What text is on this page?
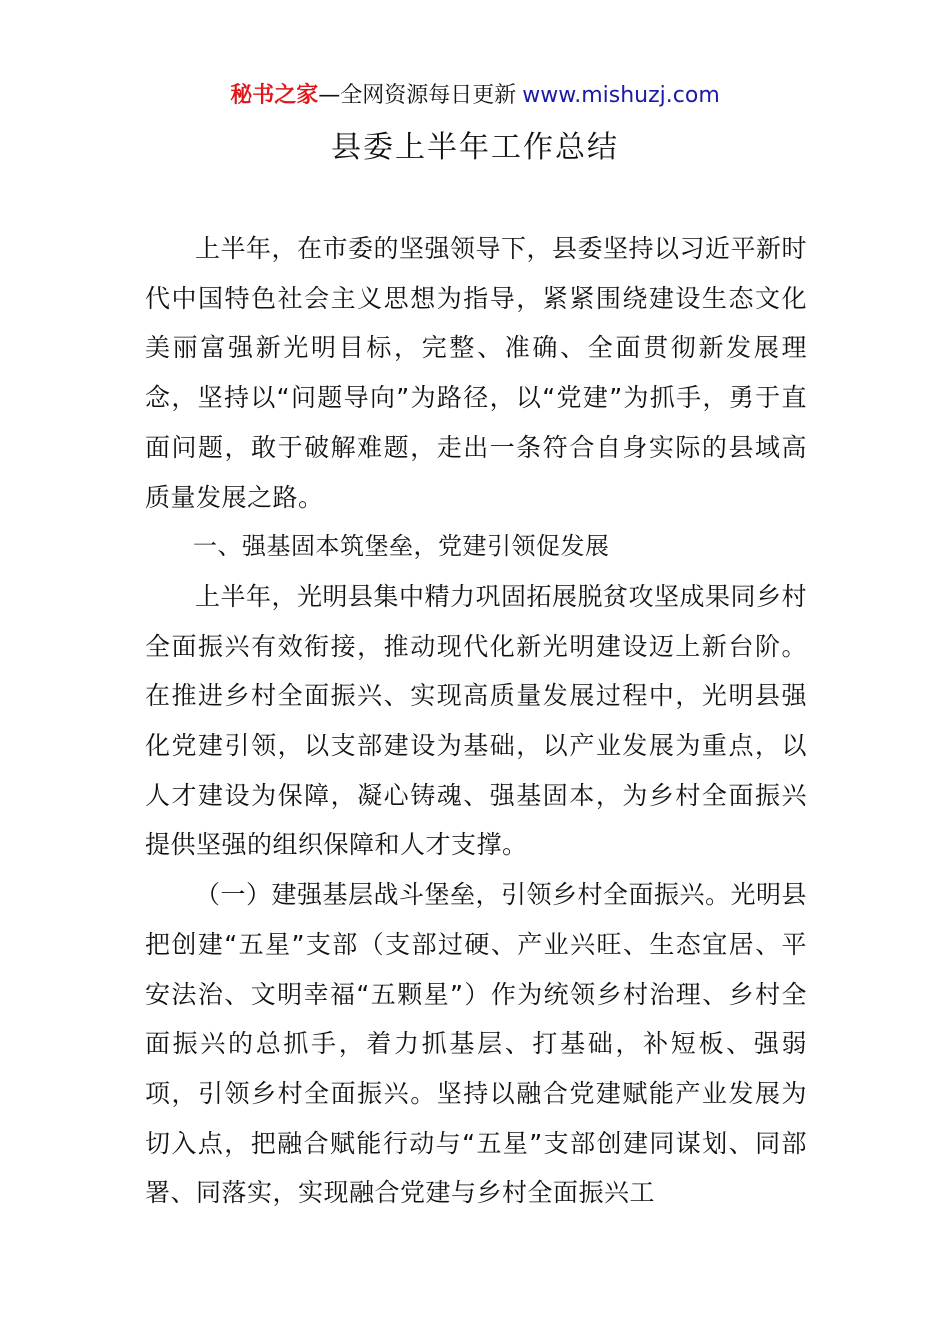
秘书之家—全网资源每日更新 www.mishuzj.com
县委上半年工作总结

上半年，在市委的坚强领导下，县委坚持以习近平新时代中国特色社会主义思想为指导，紧紧围绕建设生态文化美丽富强新光明目标，完整、准确、全面贯彻新发展理念，坚持以“问题导向”为路径，以“党建”为抓手，勇于直面问题，敢于破解难题，走出一条符合自身实际的县域高质量发展之路。

一、强基固本筑堡垒，党建引领促发展

上半年，光明县集中精力巩固拓展脱贫攻坚成果同乡村全面振兴有效衔接，推动现代化新光明建设迈上新台阶。在推进乡村全面振兴、实现高质量发展过程中，光明县强化党建引领，以支部建设为基础，以产业发展为重点，以人才建设为保障，凝心铸魂、强基固本，为乡村全面振兴提供坚强的组织保障和人才支撑。

（一）建强基层战斗堡垒，引领乡村全面振兴。光明县把创建“五星”支部（支部过硬、产业兴旺、生态宜居、平安法治、文明幸福“五颗星”）作为统领乡村治理、乡村全面振兴的总抓手，着力抓基层、打基础，补短板、强弱项，引领乡村全面振兴。坚持以融合党建赋能产业发展为切入点，把融合赋能行动与“五星”支部创建同谋划、同部署、同落实，实现融合党建与乡村全面振兴工
